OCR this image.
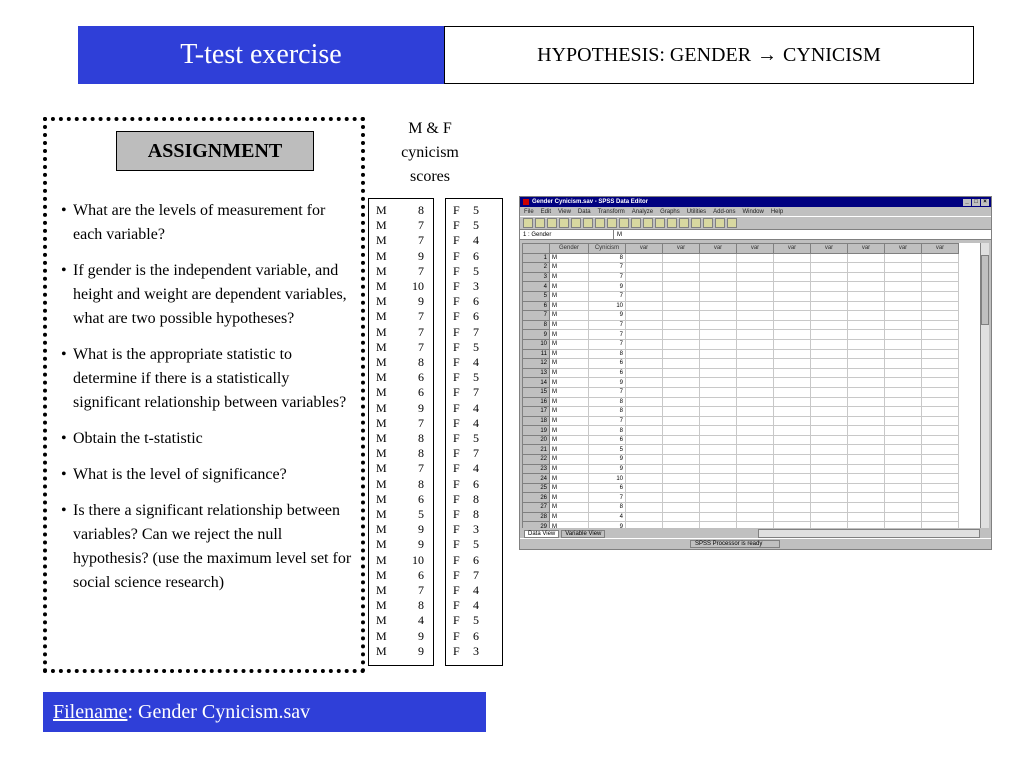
T-test exercise	HYPOTHESIS: GENDER → CYNICISM
ASSIGNMENT
• What are the levels of measurement for each variable?
• If gender is the independent variable, and height and weight are dependent variables, what are two possible hypotheses?
• What is the appropriate statistic to determine if there is a statistically significant relationship between variables?
• Obtain the t-statistic
• What is the level of significance?
• Is there a significant relationship between variables? Can we reject the null hypothesis? (use the maximum level set for social science research)
M & F
cynicism
scores
M	8
M	7
M	7
M	9
M	7
M	10
M	9
M	7
M	7
M	7
M	8
M	6
M	6
M	9
M	7
M	8
M	8
M	7
M	8
M	6
M	5
M	9
M	9
M	10
M	6
M	7
M	8
M	4
M	9
M	9
F	5
F	5
F	4
F	6
F	5
F	3
F	6
F	6
F	7
F	5
F	4
F	5
F	7
F	4
F	4
F	5
F	7
F	4
F	6
F	8
F	8
F	3
F	5
F	6
F	7
F	4
F	4
F	5
F	6
F	3
Filename : Gender Cynicism.sav
Gender Cynicism.sav - SPSS Data Editor	_ □ ×
File Edit View Data Transform Analyze Graphs Utilities Add-ons Window Help
1 : Gender	M
	Gender	Cynicism	var	var	var	var	var	var	var	var	var
1	M	8									
2	M	7									
3	M	7									
4	M	9									
5	M	7									
6	M	10									
7	M	9									
8	M	7									
9	M	7									
10	M	7									
11	M	8									
12	M	6									
13	M	6									
14	M	9									
15	M	7									
16	M	8									
17	M	8									
18	M	7									
19	M	8									
20	M	6									
21	M	5									
22	M	9									
23	M	9									
24	M	10									
25	M	6									
26	M	7									
27	M	8									
28	M	4									
29	M	9									
Data View	Variable View
SPSS Processor is ready
